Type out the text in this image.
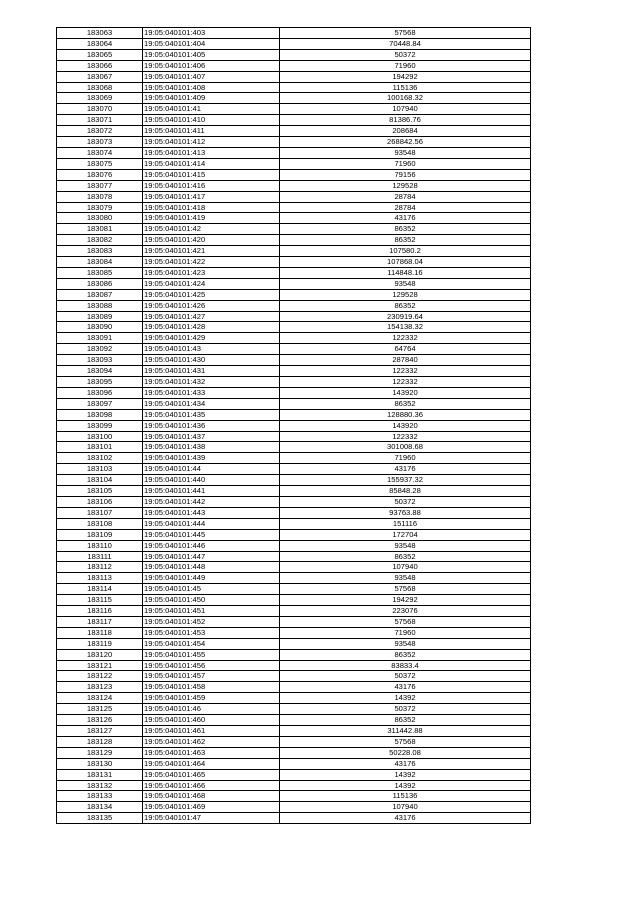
183063	19:05:040101:403	57568
183064	19:05:040101:404	70448.84
183065	19:05:040101:405	50372
183066	19:05:040101:406	71960
183067	19:05:040101:407	194292
183068	19:05:040101:408	115136
183069	19:05:040101:409	100168.32
183070	19:05:040101:41	107940
183071	19:05:040101:410	81386.76
183072	19:05:040101:411	208684
183073	19:05:040101:412	268842.56
183074	19:05:040101:413	93548
183075	19:05:040101:414	71960
183076	19:05:040101:415	79156
183077	19:05:040101:416	129528
183078	19:05:040101:417	28784
183079	19:05:040101:418	28784
183080	19:05:040101:419	43176
183081	19:05:040101:42	86352
183082	19:05:040101:420	86352
183083	19:05:040101:421	107580.2
183084	19:05:040101:422	107868.04
183085	19:05:040101:423	114848.16
183086	19:05:040101:424	93548
183087	19:05:040101:425	129528
183088	19:05:040101:426	86352
183089	19:05:040101:427	230919.64
183090	19:05:040101:428	154138.32
183091	19:05:040101:429	122332
183092	19:05:040101:43	64764
183093	19:05:040101:430	287840
183094	19:05:040101:431	122332
183095	19:05:040101:432	122332
183096	19:05:040101:433	143920
183097	19:05:040101:434	86352
183098	19:05:040101:435	128880.36
183099	19:05:040101:436	143920
183100	19:05:040101:437	122332
183101	19:05:040101:438	301008.68
183102	19:05:040101:439	71960
183103	19:05:040101:44	43176
183104	19:05:040101:440	155937.32
183105	19:05:040101:441	85848.28
183106	19:05:040101:442	50372
183107	19:05:040101:443	93763.88
183108	19:05:040101:444	151116
183109	19:05:040101:445	172704
183110	19:05:040101:446	93548
183111	19:05:040101:447	86352
183112	19:05:040101:448	107940
183113	19:05:040101:449	93548
183114	19:05:040101:45	57568
183115	19:05:040101:450	194292
183116	19:05:040101:451	223076
183117	19:05:040101:452	57568
183118	19:05:040101:453	71960
183119	19:05:040101:454	93548
183120	19:05:040101:455	86352
183121	19:05:040101:456	83833.4
183122	19:05:040101:457	50372
183123	19:05:040101:458	43176
183124	19:05:040101:459	14392
183125	19:05:040101:46	50372
183126	19:05:040101:460	86352
183127	19:05:040101:461	311442.88
183128	19:05:040101:462	57568
183129	19:05:040101:463	50228.08
183130	19:05:040101:464	43176
183131	19:05:040101:465	14392
183132	19:05:040101:466	14392
183133	19:05:040101:468	115136
183134	19:05:040101:469	107940
183135	19:05:040101:47	43176
